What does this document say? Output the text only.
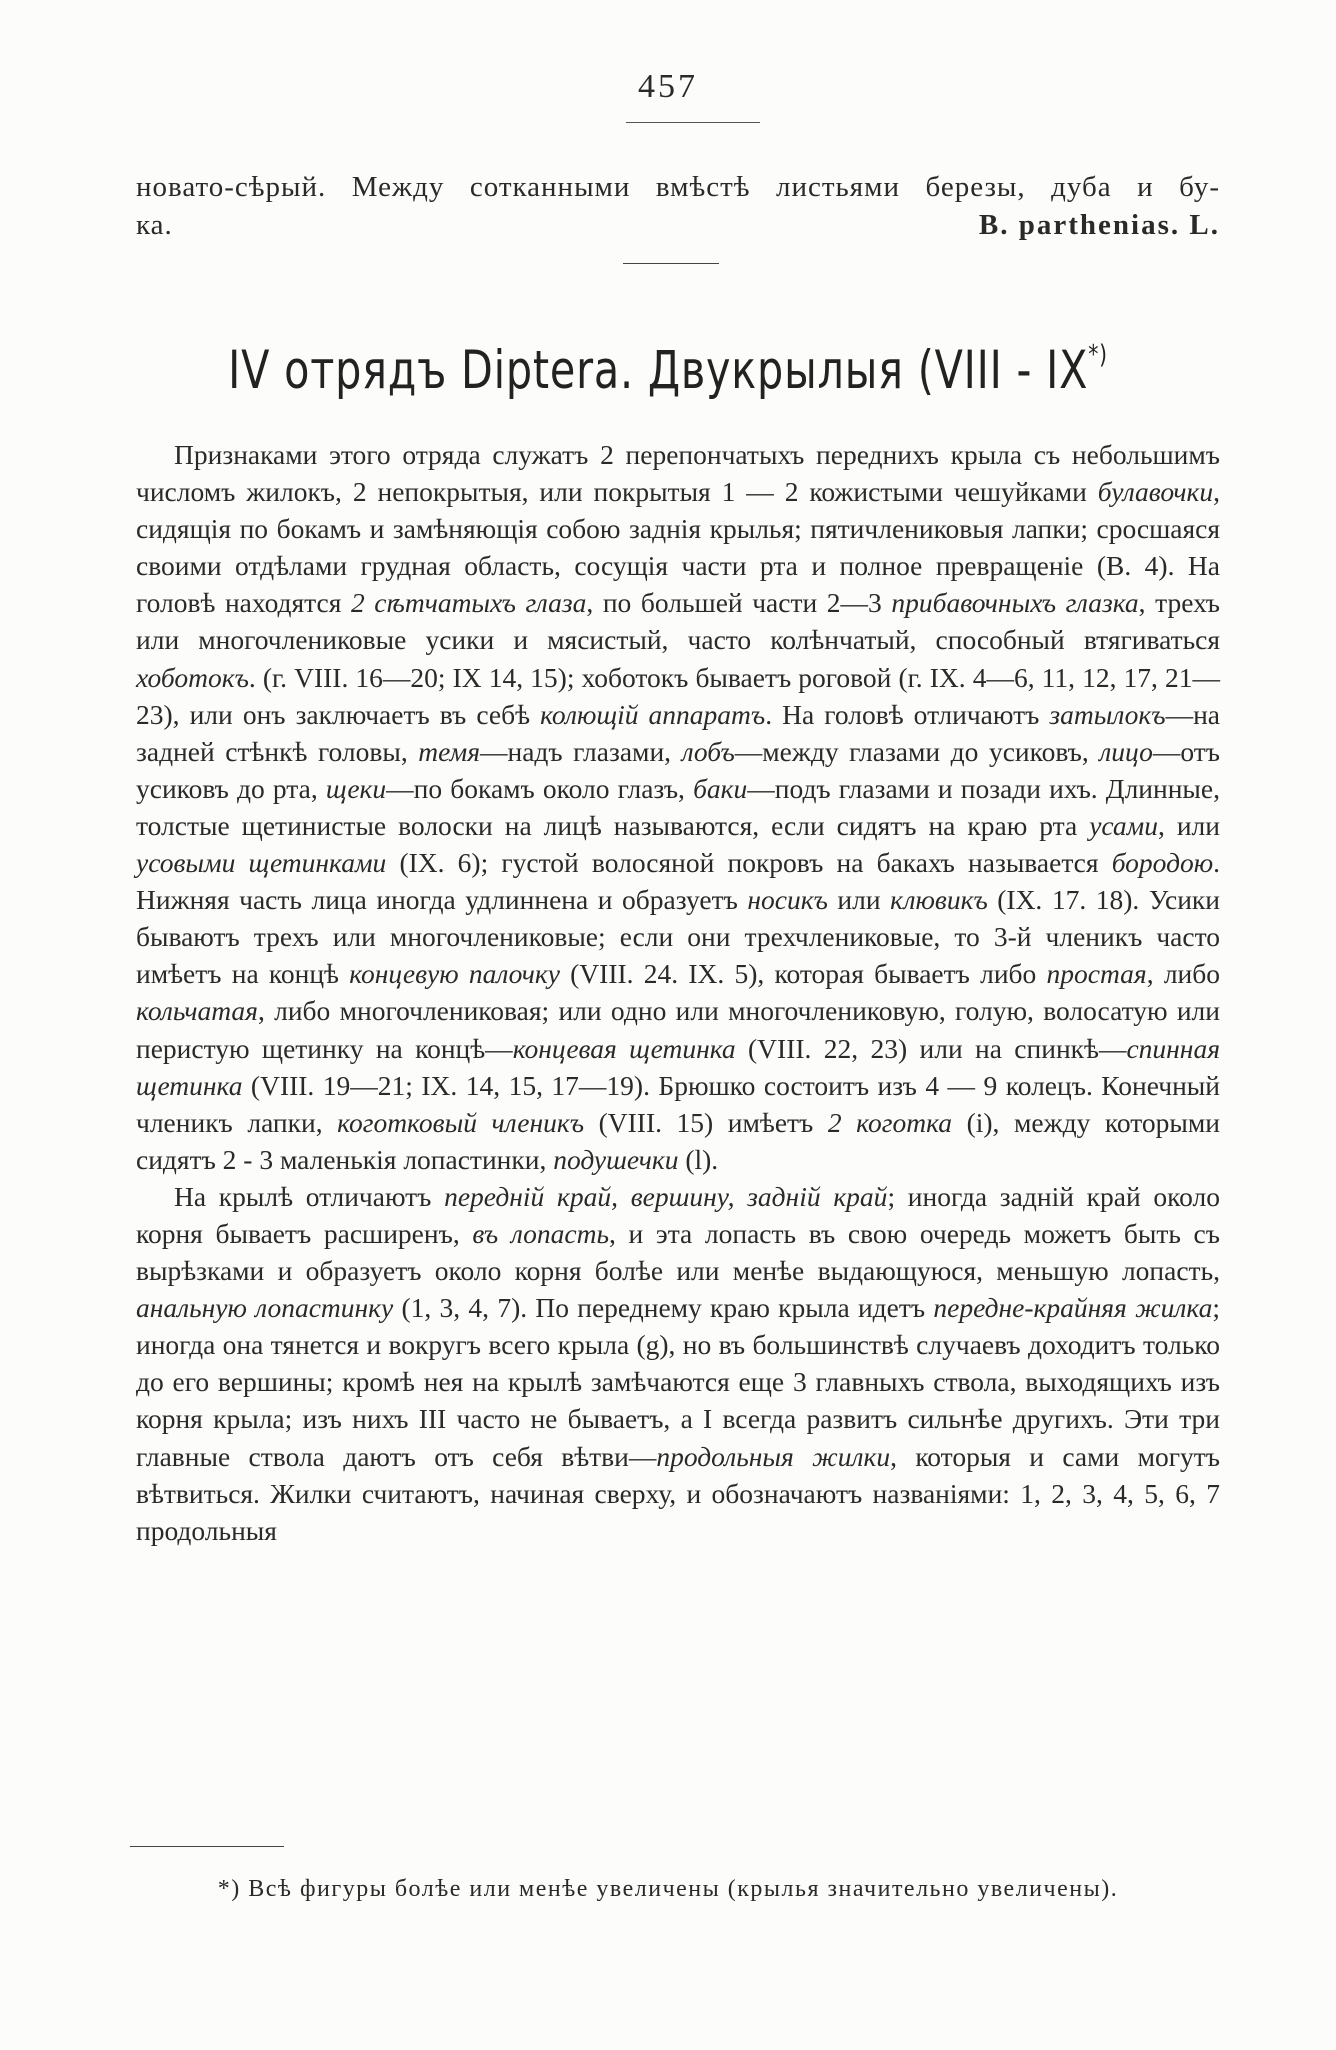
457
новато-сѣрый. Между сотканными вмѣстѣ листьями березы, дуба и бу-
ка.	B. parthenias. L.
IV отрядъ Diptera. Двукрылыя (VIII - IX*)

Признаками этого отряда служатъ 2 перепончатыхъ переднихъ крыла съ небольшимъ числомъ жилокъ, 2 непокрытыя, или покрытыя 1 — 2 кожистыми чешуйками булавочки, сидящія по бокамъ и замѣняющія собою заднія крылья; пятичлениковыя лапки; сросшаяся своими отдѣлами грудная область, сосущія части рта и полное превращеніе (В. 4). На головѣ находятся 2 сѣтчатыхъ глаза, по большей части 2—3 прибавочныхъ глазка, трехъ или многочлениковые усики и мясистый, часто колѣнчатый, способный втягиваться хоботокъ. (г. VIII. 16—20; IX 14, 15); хоботокъ бываетъ роговой (г. IX. 4—6, 11, 12, 17, 21—23), или онъ заключаетъ въ себѣ колющій аппаратъ. На головѣ отличаютъ затылокъ—на задней стѣнкѣ головы, темя—надъ глазами, лобъ—между глазами до усиковъ, лицо—отъ усиковъ до рта, щеки—по бокамъ около глазъ, баки—подъ глазами и позади ихъ. Длинные, толстые щетинистые волоски на лицѣ называются, если сидятъ на краю рта усами, или усовыми щетинками (IX. 6); густой волосяной покровъ на бакахъ называется бородою. Нижняя часть лица иногда удлиннена и образуетъ носикъ или клювикъ (IX. 17. 18). Усики бываютъ трехъ или многочлениковые; если они трехчлениковые, то 3-й членикъ часто имѣетъ на концѣ концевую палочку (VIII. 24. IX. 5), которая бываетъ либо простая, либо кольчатая, либо многочлениковая; или одно или многочлениковую, голую, волосатую или перистую щетинку на концѣ—концевая щетинка (VIII. 22, 23) или на спинкѣ—спинная щетинка (VIII. 19—21; IX. 14, 15, 17—19). Брюшко состоитъ изъ 4 — 9 колецъ. Конечный членикъ лапки, коготковый членикъ (VIII. 15) имѣетъ 2 коготка (i), между которыми сидятъ 2 - 3 маленькія лопастинки, подушечки (l).

На крылѣ отличаютъ передній край, вершину, задній край; иногда задній край около корня бываетъ расширенъ, въ лопасть, и эта лопасть въ свою очередь можетъ быть съ вырѣзками и образуетъ около корня болѣе или менѣе выдающуюся, меньшую лопасть, анальную лопастинку (1, 3, 4, 7). По переднему краю крыла идетъ передне-крайняя жилка; иногда она тянется и вокругъ всего крыла (g), но въ большинствѣ случаевъ доходитъ только до его вершины; кромѣ нея на крылѣ замѣчаются еще 3 главныхъ ствола, выходящихъ изъ корня крыла; изъ нихъ III часто не бываетъ, а I всегда развитъ сильнѣе другихъ. Эти три главные ствола даютъ отъ себя вѣтви—продольныя жилки, которыя и сами могутъ вѣтвиться. Жилки считаютъ, начиная сверху, и обозначаютъ названіями: 1, 2, 3, 4, 5, 6, 7 продольныя

*) Всѣ фигуры болѣе или менѣе увеличены (крылья значительно увеличены).
